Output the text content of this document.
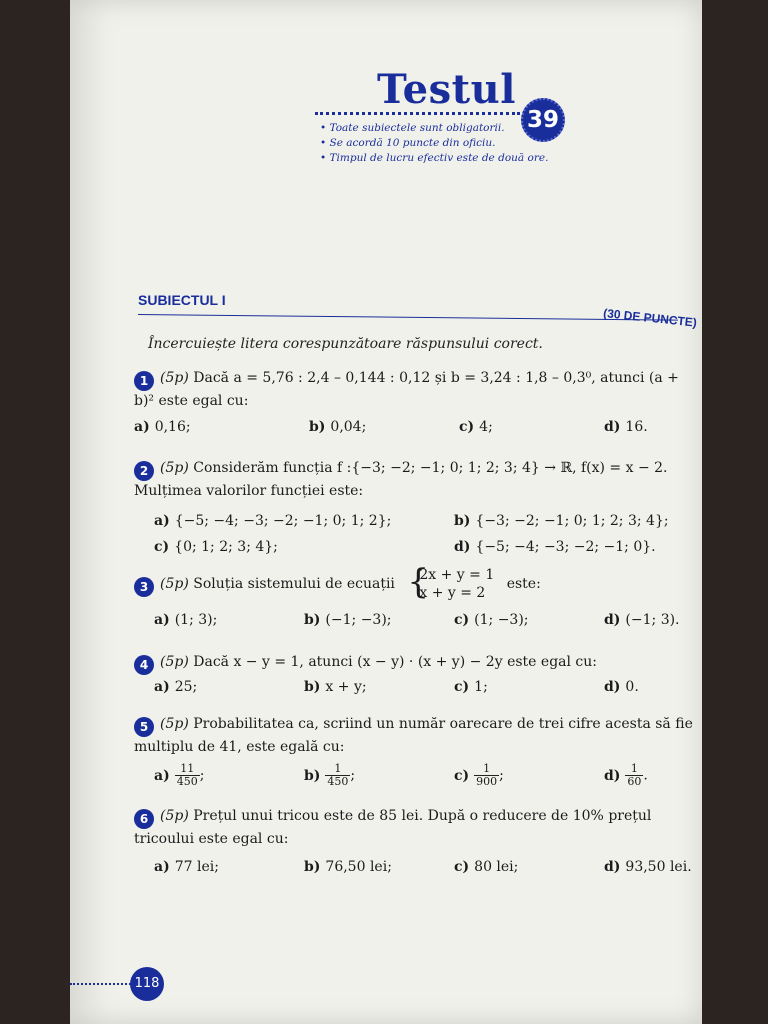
Testul
39
• Toate subiectele sunt obligatorii.
• Se acordă 10 puncte din oficiu.
• Timpul de lucru efectiv este de două ore.
SUBIECTUL I
(30 DE PUNCTE)
Încercuiește litera corespunzătoare răspunsului corect.
1 (5p) Dacă a = 5,76 : 2,4 – 0,144 : 0,12 și b = 3,24 : 1,8 – 0,3⁰, atunci (a + b)² este egal cu:
a) 0,16;	b) 0,04;	c) 4;	d) 16.
2 (5p) Considerăm funcția f :{−3; −2; −1; 0; 1; 2; 3; 4} → ℝ, f(x) = x − 2. Mulțimea valorilor funcției este:
a) {−5; −4; −3; −2; −1; 0; 1; 2};	b) {−3; −2; −1; 0; 1; 2; 3; 4};
c) {0; 1; 2; 3; 4};	d) {−5; −4; −3; −2; −1; 0}.
3 (5p) Soluția sistemului de ecuații {
2x + y = 1
x + y = 2
este:
a) (1; 3);	b) (−1; −3);	c) (1; −3);	d) (−1; 3).
4 (5p) Dacă x − y = 1, atunci (x − y) · (x + y) − 2y este egal cu:
a) 25;	b) x + y;	c) 1;	d) 0.
5 (5p) Probabilitatea ca, scriind un număr oarecare de trei cifre acesta să fie multiplu de 41, este egală cu:
$a) \frac{11}{450}$ ;	$b) \frac{1}{450}$ ;	$c) \frac{1}{900}$ ;	$d) \frac{1}{60}$ .
6 (5p) Prețul unui tricou este de 85 lei. După o reducere de 10% prețul tricoului este egal cu:
a) 77 lei;	b) 76,50 lei;	c) 80 lei;	d) 93,50 lei.
118
